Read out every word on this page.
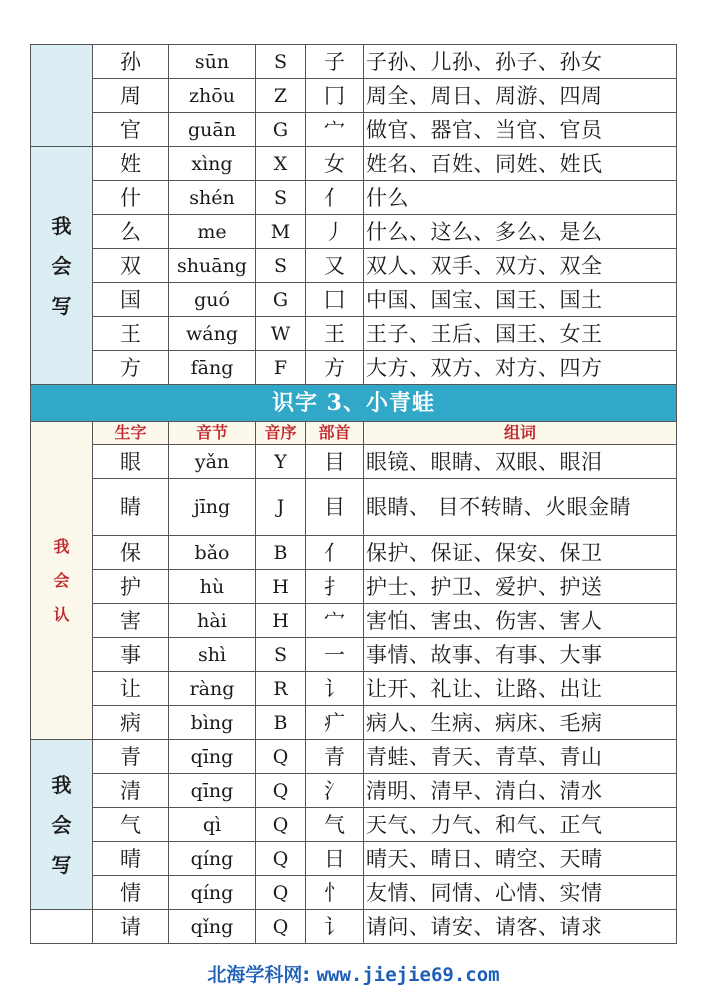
	孙	sūn	S	子	子孙、儿孙、孙子、孙女
	周	zhōu	Z	冂	周全、周日、周游、四周
	官	guān	G	宀	做官、器官、当官、官员

我
会
写	姓	xìng	X	女	姓名、百姓、同姓、姓氏
	什	shén	S	亻	什么
	么	me	M	丿	什么、这么、多么、是么
	双	shuāng	S	又	双人、双手、双方、双全
	国	guó	G	囗	中国、国宝、国王、国土
	王	wáng	W	王	王子、王后、国王、女王
	方	fāng	F	方	大方、双方、对方、四方
识字 3、小青蛙					

我
会
认	生字	音节	音序	部首	组词
	眼	yǎn	Y	目	眼镜、眼睛、双眼、眼泪
	睛	jīng	J	目	眼睛、 目不转睛、火眼金睛
	保	bǎo	B	亻	保护、保证、保安、保卫
	护	hù	H	扌	护士、护卫、爱护、护送
	害	hài	H	宀	害怕、害虫、伤害、害人
	事	shì	S	一	事情、故事、有事、大事
	让	ràng	R	讠	让开、礼让、让路、出让
	病	bìng	B	疒	病人、生病、病床、毛病

我
会
写	青	qīng	Q	青	青蛙、青天、青草、青山
	清	qīng	Q	氵	清明、清早、清白、清水
	气	qì	Q	气	天气、力气、和气、正气
	晴	qíng	Q	日	晴天、晴日、晴空、天晴
	情	qíng	Q	忄	友情、同情、心情、实情
	请	qǐng	Q	讠	请问、请安、请客、请求
北海学科网: www.jiejie69.com
